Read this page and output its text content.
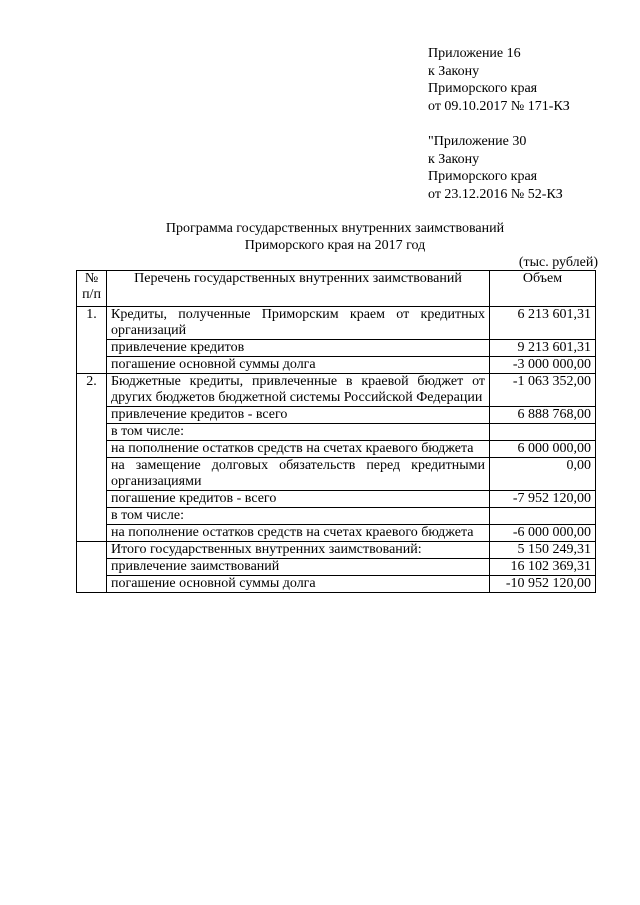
Приложение 16
к Закону
Приморского края
от 09.10.2017 № 171-КЗ
"Приложение 30
к Закону
Приморского края
от 23.12.2016 № 52-КЗ
Программа государственных внутренних заимствований
Приморского края на 2017 год
(тыс. рублей)
№ п/п	Перечень государственных внутренних заимствований	Объем
1.	Кредиты, полученные Приморским краем от кредитных организаций	6 213 601,31
	привлечение кредитов	9 213 601,31
	погашение основной суммы долга	-3 000 000,00
2.	Бюджетные кредиты, привлеченные в краевой бюджет от других бюджетов бюджетной системы Российской Федерации	-1 063 352,00
	привлечение кредитов - всего	6 888 768,00
	в том числе:	
	на пополнение остатков средств на счетах краевого бюджета	6 000 000,00
	на замещение долговых обязательств перед кредитными организациями	0,00
	погашение кредитов - всего	-7 952 120,00
	в том числе:	
	на пополнение остатков средств на счетах краевого бюджета	-6 000 000,00
	Итого государственных внутренних заимствований:	5 150 249,31
	привлечение заимствований	16 102 369,31
	погашение основной суммы долга	-10 952 120,00
